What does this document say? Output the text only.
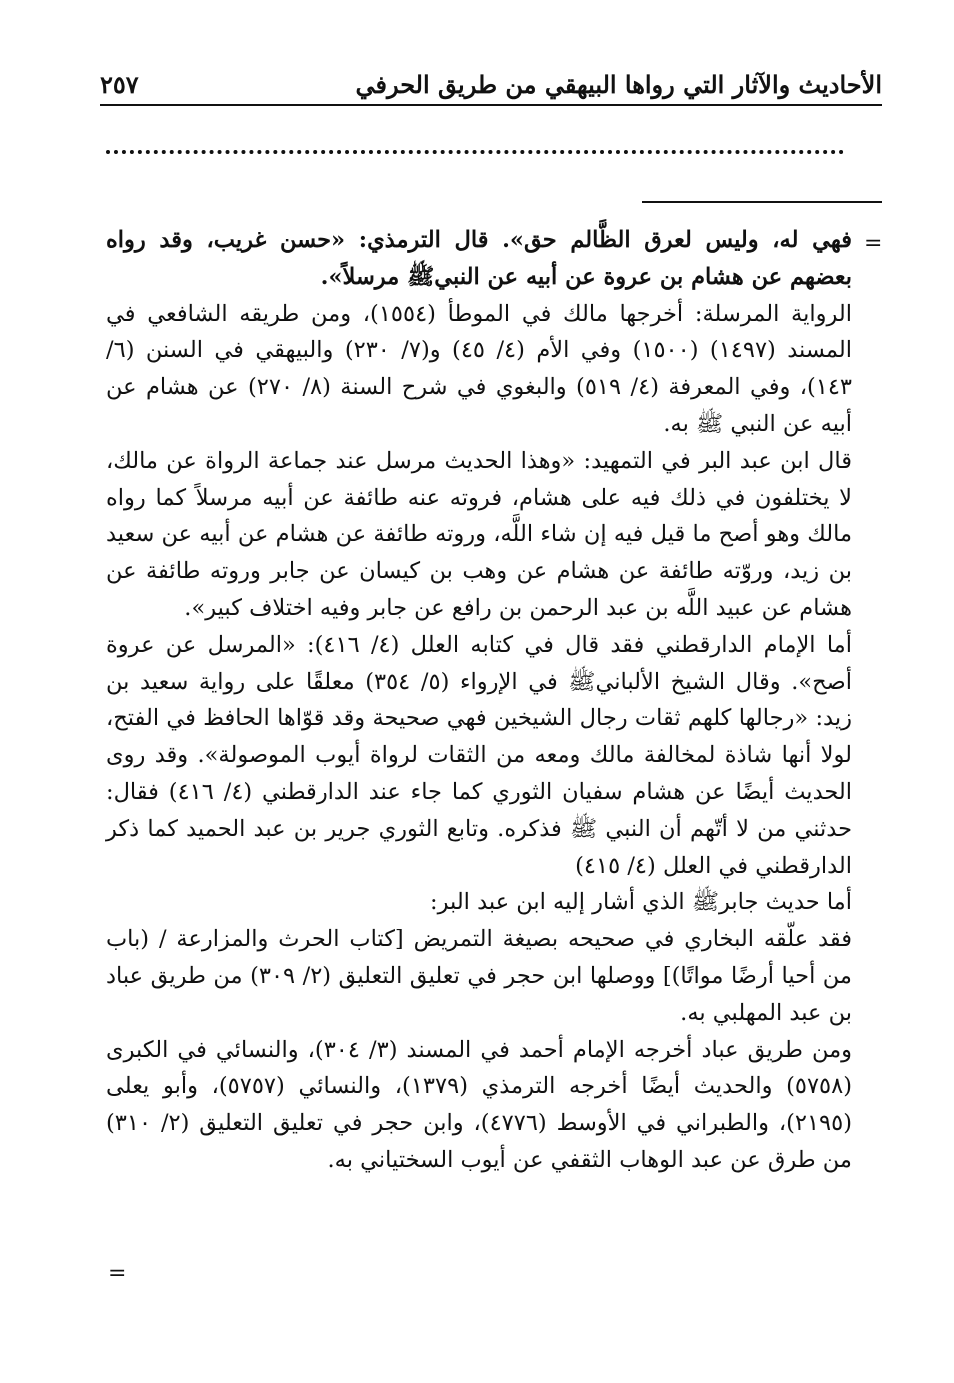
الأحاديث والآثار التي رواها البيهقي من طريق الحرفي
٢٥٧
=

فهي له، وليس لعرق الظَّالم حق». قال الترمذي: «حسن غريب، وقد رواه بعضهم عن هشام بن عروة عن أبيه عن النبيﷺ مرسلاً».

الرواية المرسلة: أخرجها مالك في الموطأ (١٥٥٤)، ومن طريقه الشافعي في المسند (١٤٩٧) (١٥٠٠) وفي الأم (٤/ ٤٥) و(٧/ ٢٣٠) والبيهقي في السنن (٦/ ١٤٣)، وفي المعرفة (٤/ ٥١٩) والبغوي في شرح السنة (٨/ ٢٧٠) عن هشام عن أبيه عن النبي ﷺ به.

قال ابن عبد البر في التمهيد: «وهذا الحديث مرسل عند جماعة الرواة عن مالك، لا يختلفون في ذلك فيه على هشام، فروته عنه طائفة عن أبيه مرسلاً كما رواه مالك وهو أصح ما قيل فيه إن شاء اللَّه، وروته طائفة عن هشام عن أبيه عن سعيد بن زيد، وروّته طائفة عن هشام عن وهب بن كيسان عن جابر وروته طائفة عن هشام عن عبيد اللَّه بن عبد الرحمن بن رافع عن جابر وفيه اختلاف كبير».

أما الإمام الدارقطني فقد قال في كتابه العلل (٤/ ٤١٦): «المرسل عن عروة أصح». وقال الشيخ الألبانيﷺ في الإرواء (٥/ ٣٥٤) معلقًا على رواية سعيد بن زيد: «رجالها كلهم ثقات رجال الشيخين فهي صحيحة وقد قوّاها الحافظ في الفتح، لولا أنها شاذة لمخالفة مالك ومعه من الثقات لرواة أيوب الموصولة». وقد روى الحديث أيضًا عن هشام سفيان الثوري كما جاء عند الدارقطني (٤/ ٤١٦) فقال: حدثني من لا أتّهم أن النبي ﷺ فذكره. وتابع الثوري جرير بن عبد الحميد كما ذكر الدارقطني في العلل (٤/ ٤١٥)

أما حديث جابرﷺ الذي أشار إليه ابن عبد البر:

فقد علّقه البخاري في صحيحه بصيغة التمريض [كتاب الحرث والمزارعة / (باب من أحيا أرضًا مواتًا)] ووصلها ابن حجر في تعليق التعليق (٢/ ٣٠٩) من طريق عباد بن عبد المهلبي به.

ومن طريق عباد أخرجه الإمام أحمد في المسند (٣/ ٣٠٤)، والنسائي في الكبرى (٥٧٥٨) والحديث أيضًا أخرجه الترمذي (١٣٧٩)، والنسائي (٥٧٥٧)، وأبو يعلى (٢١٩٥)، والطبراني في الأوسط (٤٧٧٦)، وابن حجر في تعليق التعليق (٢/ ٣١٠) من طرق عن عبد الوهاب الثقفي عن أيوب السختياني به.

=
